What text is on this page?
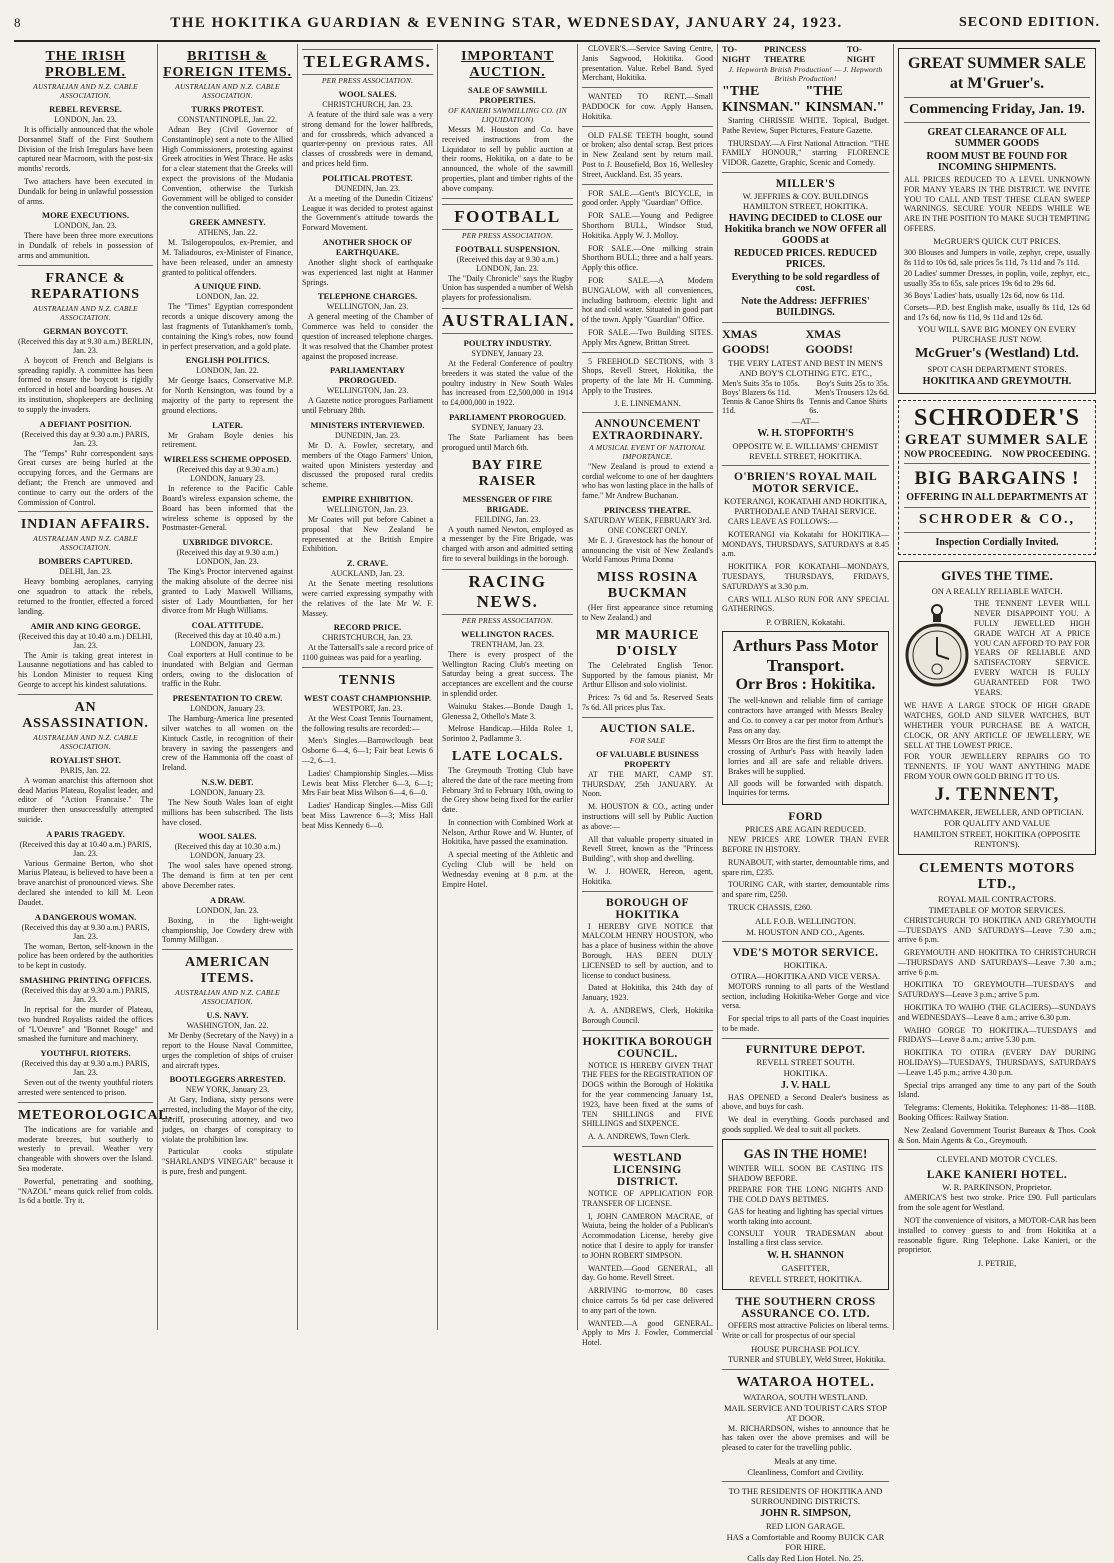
8	THE HOKITIKA GUARDIAN & EVENING STAR, WEDNESDAY, JANUARY 24, 1923.	SECOND EDITION.
THE IRISH PROBLEM.
AUSTRALIAN AND N.Z. CABLE ASSOCIATION.
REBEL REVERSE.
LONDON, Jan. 23.

It is officially announced that the whole Dorsanmel Staff of the First Southern Division of the Irish Irregulars have been captured near Macroom, with the post-six months' records.

Two attachers have been executed in Dundalk for being in unlawful possession of arms.

MORE EXECUTIONS.
LONDON, Jan. 23.

There have been three more executions in Dundalk of rebels in possession of arms and ammunition.

FRANCE & REPARATIONS
AUSTRALIAN AND N.Z. CABLE ASSOCIATION.
GERMAN BOYCOTT.
(Received this day at 9.30 a.m.) BERLIN, Jan. 23.

A boycott of French and Belgians is spreading rapidly. A committee has been formed to ensure the boycott is rigidly enforced in hotel and boarding houses. At its institution, shopkeepers are declining to supply the invaders.

A DEFIANT POSITION.
(Received this day at 9.30 a.m.) PARIS, Jan. 23.

The "Temps" Ruhr correspondent says Great curses are being hurled at the occupying forces, and the Germans are defiant; the French are unmoved and continue to carry out the orders of the Commission of Control.

INDIAN AFFAIRS.
AUSTRALIAN AND N.Z. CABLE ASSOCIATION.
BOMBERS CAPTURED.
DELHI, Jan. 23.

Heavy bombing aeroplanes, carrying one squadron to attack the rebels, returned to the frontier, effected a forced landing.

AMIR AND KING GEORGE.
(Received this day at 10.40 a.m.) DELHI, Jan. 23.

The Amir is taking great interest in Lausanne negotiations and has cabled to his London Minister to request King George to accept his kindest salutations.

AN ASSASSINATION.
AUSTRALIAN AND N.Z. CABLE ASSOCIATION.
ROYALIST SHOT.
PARIS, Jan. 22.

A woman anarchist this afternoon shot dead Marius Plateau, Royalist leader, and editor of "Action Francaise." The murderer then unsuccessfully attempted suicide.

A PARIS TRAGEDY.
(Received this day at 10.40 a.m.) PARIS, Jan. 23.

Various Germaine Berton, who shot Marius Plateau, is believed to have been a brave anarchist of pronounced views. She declared she intended to kill M. Leon Daudet.

A DANGEROUS WOMAN.
(Received this day at 9.30 a.m.) PARIS, Jan. 23.

The woman, Berton, self-known in the police has been ordered by the authorities to be kept in custody.

SMASHING PRINTING OFFICES.
(Received this day at 9.30 a.m.) PARIS, Jan. 23.

In reprisal for the murder of Plateau, two hundred Royalists raided the offices of "L'Oeuvre" and "Bonnet Rouge" and smashed the furniture and machinery.

YOUTHFUL RIOTERS.
(Received this day at 9.30 a.m.) PARIS, Jan. 23.

Seven out of the twenty youthful rioters arrested were sentenced to prison.

METEOROLOGICAL.

The indications are for variable and moderate breezes, but southerly to westerly to prevail. Weather very changeable with showers over the Island. Sea moderate.

Powerful, penetrating and soothing, "NAZOL" means quick relief from colds. 1s 6d a bottle. Try it.

BRITISH & FOREIGN ITEMS.
AUSTRALIAN AND N.Z. CABLE ASSOCIATION.
TURKS PROTEST.
CONSTANTINOPLE, Jan. 22.

Adnan Bey (Civil Governor of Constantinople) sent a note to the Allied High Commissioners, protesting against Greek atrocities in West Thrace. He asks for a clear statement that the Greeks will expect the provisions of the Mudania Convention, otherwise the Turkish Government will be obliged to consider the convention nullified.

GREEK AMNESTY.
ATHENS, Jan. 22.

M. Tsilogeropoulos, ex-Premier, and M. Taliadouros, ex-Minister of Finance, have been released, under an amnesty granted to political offenders.

A UNIQUE FIND.
LONDON, Jan. 22.

The "Times" Egyptian correspondent records a unique discovery among the last fragments of Tutankhamen's tomb, containing the King's robes, now found in perfect preservation, and a gold plate.

ENGLISH POLITICS.
LONDON, Jan. 22.

Mr George Isaacs, Conservative M.P. for North Kensington, was found by a majority of the party to represent the ground elections.

LATER.

Mr Graham Boyle denies his retirement.

WIRELESS SCHEME OPPOSED.
(Received this day at 9.30 a.m.) LONDON, January 23.

In reference to the Pacific Cable Board's wireless expansion scheme, the Board has been informed that the wireless scheme is opposed by the Postmaster-General.

UXBRIDGE DIVORCE.
(Received this day at 9.30 a.m.) LONDON, Jan. 23.

The King's Proctor intervened against the making absolute of the decree nisi granted to Lady Maxwell Williams, sister of Lady Mountbatten, for her divorce from Mr Hugh Williams.

COAL ATTITUDE.
(Received this day at 10.40 a.m.) LONDON, January 23.

Coal exporters at Hull continue to be inundated with Belgian and German orders, owing to the dislocation of traffic in the Ruhr.

PRESENTATION TO CREW.
LONDON, January 23.

The Hamburg-America line presented silver watches to all women on the Kintuck Castle, in recognition of their bravery in saving the passengers and crew of the Hammonia off the coast of Ireland.

N.S.W. DEBT.
LONDON, January 23.

The New South Wales loan of eight millions has been subscribed. The lists have closed.

WOOL SALES.
(Received this day at 10.30 a.m.) LONDON, January 23.

The wool sales have opened strong. The demand is firm at ten per cent above December rates.

A DRAW.
LONDON, Jan. 23.

Boxing, in the light-weight championship, Joe Cowdery drew with Tommy Milligan.

AMERICAN ITEMS.
AUSTRALIAN AND N.Z. CABLE ASSOCIATION.
U.S. NAVY.
WASHINGTON, Jan. 22.

Mr Denby (Secretary of the Navy) in a report to the House Naval Committee, urges the completion of ships of cruiser and aircraft types.

BOOTLEGGERS ARRESTED.
NEW YORK, January 23.

At Gary, Indiana, sixty persons were arrested, including the Mayor of the city, sheriff, prosecuting attorney, and two judges, on charges of conspiracy to violate the prohibition law.

Particular cooks stipulate "SHARLAND'S VINEGAR" because it is pure, fresh and pungent.

TELEGRAMS.
PER PRESS ASSOCIATION.
WOOL SALES.
CHRISTCHURCH, Jan. 23.

A feature of the third sale was a very strong demand for the lower halfbreds, and for crossbreds, which advanced a quarter-penny on previous rates. All classes of crossbreds were in demand, and prices held firm.

POLITICAL PROTEST.
DUNEDIN, Jan. 23.

At a meeting of the Dunedin Citizens' League it was decided to protest against the Government's attitude towards the Forward Movement.

ANOTHER SHOCK OF EARTHQUAKE.

Another slight shock of earthquake was experienced last night at Hanmer Springs.

TELEPHONE CHARGES.
WELLINGTON, Jan. 23.

A general meeting of the Chamber of Commerce was held to consider the question of increased telephone charges. It was resolved that the Chamber protest against the proposed increase.

PARLIAMENTARY PROROGUED.
WELLINGTON, Jan. 23.

A Gazette notice prorogues Parliament until February 28th.

MINISTERS INTERVIEWED.
DUNEDIN, Jan. 23.

Mr D. A. Fowler, secretary, and members of the Otago Farmers' Union, waited upon Ministers yesterday and discussed the proposed rural credits scheme.

EMPIRE EXHIBITION.
WELLINGTON, Jan. 23.

Mr Coates will put before Cabinet a proposal that New Zealand be represented at the British Empire Exhibition.

Z. CRAVE.
AUCKLAND, Jan. 23.

At the Senate meeting resolutions were carried expressing sympathy with the relatives of the late Mr W. F. Massey.

RECORD PRICE.
CHRISTCHURCH, Jan. 23.

At the Tattersall's sale a record price of 1100 guineas was paid for a yearling.

TENNIS
WEST COAST CHAMPIONSHIP.
WESTPORT, Jan. 23.

At the West Coast Tennis Tournament, the following results are recorded:—

Men's Singles.—Barrowclough beat Osborne 6—4, 6—1; Fair beat Lewis 6—2, 6—1.

Ladies' Championship Singles.—Miss Lewis beat Miss Fletcher 6—3, 6—1; Mrs Fair beat Miss Wilson 6—4, 6—0.

Ladies' Handicap Singles.—Miss Gill beat Miss Lawrence 6—3; Miss Hall beat Miss Kennedy 6—0.

IMPORTANT AUCTION.
SALE OF SAWMILL PROPERTIES.
OF KANIERI SAWMILLING CO. (IN LIQUIDATION)

Messrs M. Houston and Co. have received instructions from the Liquidator to sell by public auction at their rooms, Hokitika, on a date to be announced, the whole of the sawmill properties, plant and timber rights of the above company.

FOOTBALL
PER PRESS ASSOCIATION.
FOOTBALL SUSPENSION.
(Received this day at 9.30 a.m.) LONDON, Jan. 23.

The "Daily Chronicle" says the Rugby Union has suspended a number of Welsh players for professionalism.

AUSTRALIAN.
POULTRY INDUSTRY.
SYDNEY, January 23.

At the Federal Conference of poultry breeders it was stated the value of the poultry industry in New South Wales has increased from £2,500,000 in 1914 to £4,000,000 in 1922.

PARLIAMENT PROROGUED.
SYDNEY, January 23.

The State Parliament has been prorogued until March 6th.

BAY FIRE RAISER
MESSENGER OF FIRE BRIGADE.
FEILDING, Jan. 23.

A youth named Newton, employed as a messenger by the Fire Brigade, was charged with arson and admitted setting fire to several buildings in the borough.

RACING NEWS.
PER PRESS ASSOCIATION.
WELLINGTON RACES.
TRENTHAM, Jan. 23.

There is every prospect of the Wellington Racing Club's meeting on Saturday being a great success. The acceptances are excellent and the course in splendid order.

Wainuku Stakes.—Bonde Daugh 1, Glenessa 2, Othello's Mate 3.

Melrose Handicap.—Hilda Rolee 1, Sorintoo 2, Padlamme 3.

LATE LOCALS.

The Greymouth Trotting Club have altered the date of the race meeting from February 3rd to February 10th, owing to the Grey show being fixed for the earlier date.

In connection with Combined Work at Nelson, Arthur Rowe and W. Hunter, of Hokitika, have passed the examination.

A special meeting of the Athletic and Cycling Club will be held on Wednesday evening at 8 p.m. at the Empire Hotel.

CLOVER'S.—Service Saving Centre, Janis Sagwood, Hokitika. Good presentation. Value. Rebel Band. Syed Merchant, Hokitika.

WANTED TO RENT.—Small PADDOCK for cow. Apply Hansen, Hokitika.

OLD FALSE TEETH bought, sound or broken; also dental scrap. Best prices in New Zealand sent by return mail. Post to J. Bousefield, Box 16, Wellesley Street, Auckland. Est. 35 years.

FOR SALE.—Gent's BICYCLE, in good order. Apply "Guardian" Office.

FOR SALE.—Young and Pedigree Shorthorn BULL, Windsor Stud, Hokitika. Apply W. J. Molloy.

FOR SALE.—One milking strain Shorthorn BULL; three and a half years. Apply this office.

FOR SALE.—A Modern BUNGALOW, with all conveniences, including bathroom, electric light and hot and cold water. Situated in good part of the town. Apply "Guardian" Office.

FOR SALE.—Two Building SITES. Apply Mrs Agnew, Brittan Street.

5 FREEHOLD SECTIONS, with 3 Shops, Revell Street, Hokitika, the property of the late Mr H. Cumming. Apply to the Trustees.

J. E. LINNEMANN.
ANNOUNCEMENT EXTRAORDINARY.
A MUSICAL EVENT OF NATIONAL IMPORTANCE.

"New Zealand is proud to extend a cordial welcome to one of her daughters who has won lasting place in the halls of fame." Mr Andrew Buchanan.

PRINCESS THEATRE.
SATURDAY WEEK, FEBRUARY 3rd.
ONE CONCERT ONLY.

Mr E. J. Gravestock has the honour of announcing the visit of New Zealand's World Famous Prima Donna

MISS ROSINA BUCKMAN

(Her first appearance since returning to New Zealand.) and

MR MAURICE D'OISLY

The Celebrated English Tenor. Supported by the famous pianist, Mr Arthur Ellison and solo violinist.

Prices: 7s 6d and 5s. Reserved Seats 7s 6d. All prices plus Tax.

AUCTION SALE.
FOR SALE
OF VALUABLE BUSINESS PROPERTY

AT THE MART, CAMP ST. THURSDAY, 25th JANUARY. At Noon.

M. HOUSTON & CO., acting under instructions will sell by Public Auction as above:—

All that valuable property situated in Revell Street, known as the "Princess Building", with shop and dwelling.

W. J. HOWER, Hereon, agent, Hokitika.

BOROUGH OF HOKITIKA

I HEREBY GIVE NOTICE that MALCOLM HENRY HOUSTON, who has a place of business within the above Borough, HAS BEEN DULY LICENSED to sell by auction, and to license to conduct business.

Dated at Hokitika, this 24th day of January, 1923.

A. A. ANDREWS, Clerk, Hokitika Borough Council.

HOKITIKA BOROUGH COUNCIL.

NOTICE IS HEREBY GIVEN THAT THE FEES for the REGISTRATION OF DOGS within the Borough of Hokitika for the year commencing January 1st, 1923, have been fixed at the sums of TEN SHILLINGS and FIVE SHILLINGS and SIXPENCE.

A. A. ANDREWS, Town Clerk.

WESTLAND LICENSING DISTRICT.

NOTICE OF APPLICATION FOR TRANSFER OF LICENSE.

I, JOHN CAMERON MACRAE, of Waiuta, being the holder of a Publican's Accommodation License, hereby give notice that I desire to apply for transfer to JOHN ROBERT SIMPSON.

WANTED.—Good GENERAL, all day. Go home. Revell Street.

ARRIVING to-morrow, 80 cases choice carrots 5s 6d per case delivered to any part of the town.

WANTED.—A good GENERAL. Apply to Mrs J. Fowler, Commercial Hotel.

TO-NIGHT
PRINCESS THEATRE
TO-NIGHT
J. Hepworth British Production! — J. Hepworth British Production!
"THE KINSMAN."
"THE KINSMAN."

Starring CHRISSIE WHITE. Topical, Budget. Pathe Review, Super Pictures, Feature Gazette.

THURSDAY.—A First National Attraction. "THE FAMILY HONOUR," starring FLORENCE VIDOR. Gazette, Graphic, Scenic and Comedy.

MILLER'S
W. JEFFRIES & COY. BUILDINGS HAMILTON STREET, HOKITIKA.
HAVING DECIDED to CLOSE our Hokitika branch we NOW OFFER all GOODS at
REDUCED PRICES. REDUCED PRICES.
Everything to be sold regardless of cost.
Note the Address: JEFFRIES' BUILDINGS.
XMAS GOODS!
XMAS GOODS!
THE VERY LATEST AND BEST IN MEN'S AND BOY'S CLOTHING ETC. ETC.,
Men's Suits 35s to 105s. Boy's Suits 25s to 35s.
Boys' Blazers 6s 11d.	Men's Trousers 12s 6d.
Tennis & Canoe Shirts 8s 11d.
Tennis and Canoe Shirts 6s.
—AT—
W. H. STOPFORTH'S
OPPOSITE W. E. WILLIAMS' CHEMIST REVELL STREET, HOKITIKA.
O'BRIEN'S ROYAL MAIL MOTOR SERVICE.
KOTERANGI, KOKATAHI AND HOKITIKA, PARTHODALE AND TAHAI SERVICE.

CARS LEAVE AS FOLLOWS:—

KOTERANGI via Kokatahi for HOKITIKA—MONDAYS, THURSDAYS, SATURDAYS at 8.45 a.m.

HOKITIKA FOR KOKATAHI—MONDAYS, TUESDAYS, THURSDAYS, FRIDAYS, SATURDAYS at 3.30 p.m.

CARS WILL ALSO RUN FOR ANY SPECIAL GATHERINGS.

P. O'BRIEN, Kokatahi.
Arthurs Pass Motor Transport.
Orr Bros : Hokitika.

The well-known and reliable firm of carriage contractors have arranged with Messrs Bealey and Co. to convey a car per motor from Arthur's Pass on any day.

Messrs Orr Bros are the first firm to attempt the crossing of Arthur's Pass with heavily laden lorries and all are safe and reliable drivers. Brakes will be supplied.

All goods will be forwarded with dispatch. Inquiries for terms.

FORD
PRICES ARE AGAIN REDUCED.

NEW PRICES ARE LOWER THAN EVER BEFORE IN HISTORY.

RUNABOUT, with starter, demountable rims, and spare rim, £235.

TOURING CAR, with starter, demountable rims and spare rim, £250.

TRUCK CHASSIS, £260.

ALL F.O.B. WELLINGTON.
M. HOUSTON AND CO., Agents.
VDE'S MOTOR SERVICE.
HOKITIKA.
OTIRA—HOKITIKA AND VICE VERSA.

MOTORS running to all parts of the Westland section, including Hokitika-Weber Gorge and vice versa.

For special trips to all parts of the Coast inquiries to be made.

FURNITURE DEPOT.
REVELL STREET SOUTH.
HOKITIKA.
J. V. HALL

HAS OPENED a Second Dealer's business as above, and buys for cash.

We deal in everything. Goods purchased and goods supplied. We deal to suit all pockets.

GAS IN THE HOME!

WINTER WILL SOON BE CASTING ITS SHADOW BEFORE.

PREPARE FOR THE LONG NIGHTS AND THE COLD DAYS BETIMES.

GAS for heating and lighting has special virtues worth taking into account.

CONSULT YOUR TRADESMAN about Installing a first class service.

W. H. SHANNON
GASFITTER,
REVELL STREET, HOKITIKA.
THE SOUTHERN CROSS ASSURANCE CO. LTD.

OFFERS most attractive Policies on liberal terms. Write or call for prospectus of our special

HOUSE PURCHASE POLICY.

TURNER and STUBLEY, Weld Street, Hokitika.

WATAROA HOTEL.
WATAROA, SOUTH WESTLAND.
MAIL SERVICE AND TOURIST CARS STOP AT DOOR.

M. RICHARDSON, wishes to announce that he has taken over the above premises and will be pleased to cater for the travelling public.

Meals at any time.
Cleanliness, Comfort and Civility.
TO THE RESIDENTS OF HOKITIKA AND SURROUNDING DISTRICTS.
JOHN R. SIMPSON,
RED LION GARAGE.
HAS a Comfortable and Roomy BUICK CAR FOR HIRE.
Calls day Red Lion Hotel. No. 25.
GREAT SUMMER SALE
at M'Gruer's.
Commencing Friday, Jan. 19.
GREAT CLEARANCE OF ALL SUMMER GOODS
ROOM MUST BE FOUND FOR INCOMING SHIPMENTS.

ALL PRICES REDUCED TO A LEVEL UNKNOWN FOR MANY YEARS IN THE DISTRICT. WE INVITE YOU TO CALL AND TEST THESE CLEAN SWEEP WARNINGS. SECURE YOUR NEEDS WHILE WE ARE IN THE POSITION TO MAKE SUCH TEMPTING OFFERS.

McGRUER'S QUICK CUT PRICES.

300 Blouses and Jumpers in voile, zephyr, crepe, usually 8s 11d to 10s 6d, sale prices 5s 11d, 7s 11d and 7s 11d.

20 Ladies' summer Dresses, in poplin, voile, zephyr, etc., usually 35s to 65s, sale prices 19s 6d to 29s 6d.

36 Boys' Ladies' hats, usually 12s 6d, now 6s 11d.

Corsets—P.D. best English make, usually 8s 11d, 12s 6d and 17s 6d, now 6s 11d, 9s 11d and 12s 6d.

YOU WILL SAVE BIG MONEY ON EVERY PURCHASE JUST NOW.
McGruer's (Westland) Ltd.
SPOT CASH DEPARTMENT STORES.
HOKITIKA AND GREYMOUTH.
SCHRODER'S
GREAT SUMMER SALE
NOW PROCEEDING. NOW PROCEEDING.
BIG BARGAINS !
OFFERING IN ALL DEPARTMENTS AT
SCHRODER & CO.,
Inspection Cordially Invited.
GIVES THE TIME.
ON A REALLY RELIABLE WATCH.

THE TENNENT LEVER WILL NEVER DISAPPOINT YOU. A FULLY JEWELLED HIGH GRADE WATCH AT A PRICE YOU CAN AFFORD TO PAY FOR YEARS OF RELIABLE AND SATISFACTORY SERVICE. EVERY WATCH IS FULLY GUARANTEED FOR TWO YEARS.

WE HAVE A LARGE STOCK OF HIGH GRADE WATCHES, GOLD AND SILVER WATCHES, BUT WHETHER YOUR PURCHASE BE A WATCH, CLOCK, OR ANY ARTICLE OF JEWELLERY, WE SELL AT THE LOWEST PRICE.

FOR YOUR JEWELLERY REPAIRS GO TO TENNENTS. IF YOU WANT ANYTHING MADE FROM YOUR OWN GOLD BRING IT TO US.

J. TENNENT,
WATCHMAKER, JEWELLER, AND OPTICIAN.
FOR QUALITY AND VALUE
HAMILTON STREET, HOKITIKA (OPPOSITE RENTON'S).
CLEMENTS MOTORS LTD.,
ROYAL MAIL CONTRACTORS.
TIMETABLE OF MOTOR SERVICES.

CHRISTCHURCH TO HOKITIKA AND GREYMOUTH—TUESDAYS AND SATURDAYS—Leave 7.30 a.m.; arrive 6 p.m.

GREYMOUTH AND HOKITIKA TO CHRISTCHURCH—THURSDAYS AND SATURDAYS—Leave 7.30 a.m.; arrive 6 p.m.

HOKITIKA TO GREYMOUTH—TUESDAYS and SATURDAYS—Leave 3 p.m.; arrive 5 p.m.

HOKITIKA TO WAIHO (THE GLACIERS)—SUNDAYS and WEDNESDAYS—Leave 8 a.m.; arrive 6.30 p.m.

WAIHO GORGE TO HOKITIKA—TUESDAYS and FRIDAYS—Leave 8 a.m.; arrive 5.30 p.m.

HOKITIKA TO OTIRA (EVERY DAY DURING HOLIDAYS)—TUESDAYS, THURSDAYS, SATURDAYS—Leave 1.45 p.m.; arrive 4.30 p.m.

Special trips arranged any time to any part of the South Island.

Telegrams: Clements, Hokitika. Telephones: 11-88—118B. Booking Offices: Railway Station.

New Zealand Government Tourist Bureaux & Thos. Cook & Son. Main Agents & Co., Greymouth.

CLEVELAND MOTOR CYCLES.
LAKE KANIERI HOTEL.
W. R. PARKINSON, Proprietor.

AMERICA'S best two stroke. Price £90. Full particulars from the sole agent for Westland.

NOT the convenience of visitors, a MOTOR-CAR has been installed to convey guests to and from Hokitika at a reasonable figure. Ring Telephone. Lake Kanieri, or the proprietor.

J. PETRIE,
